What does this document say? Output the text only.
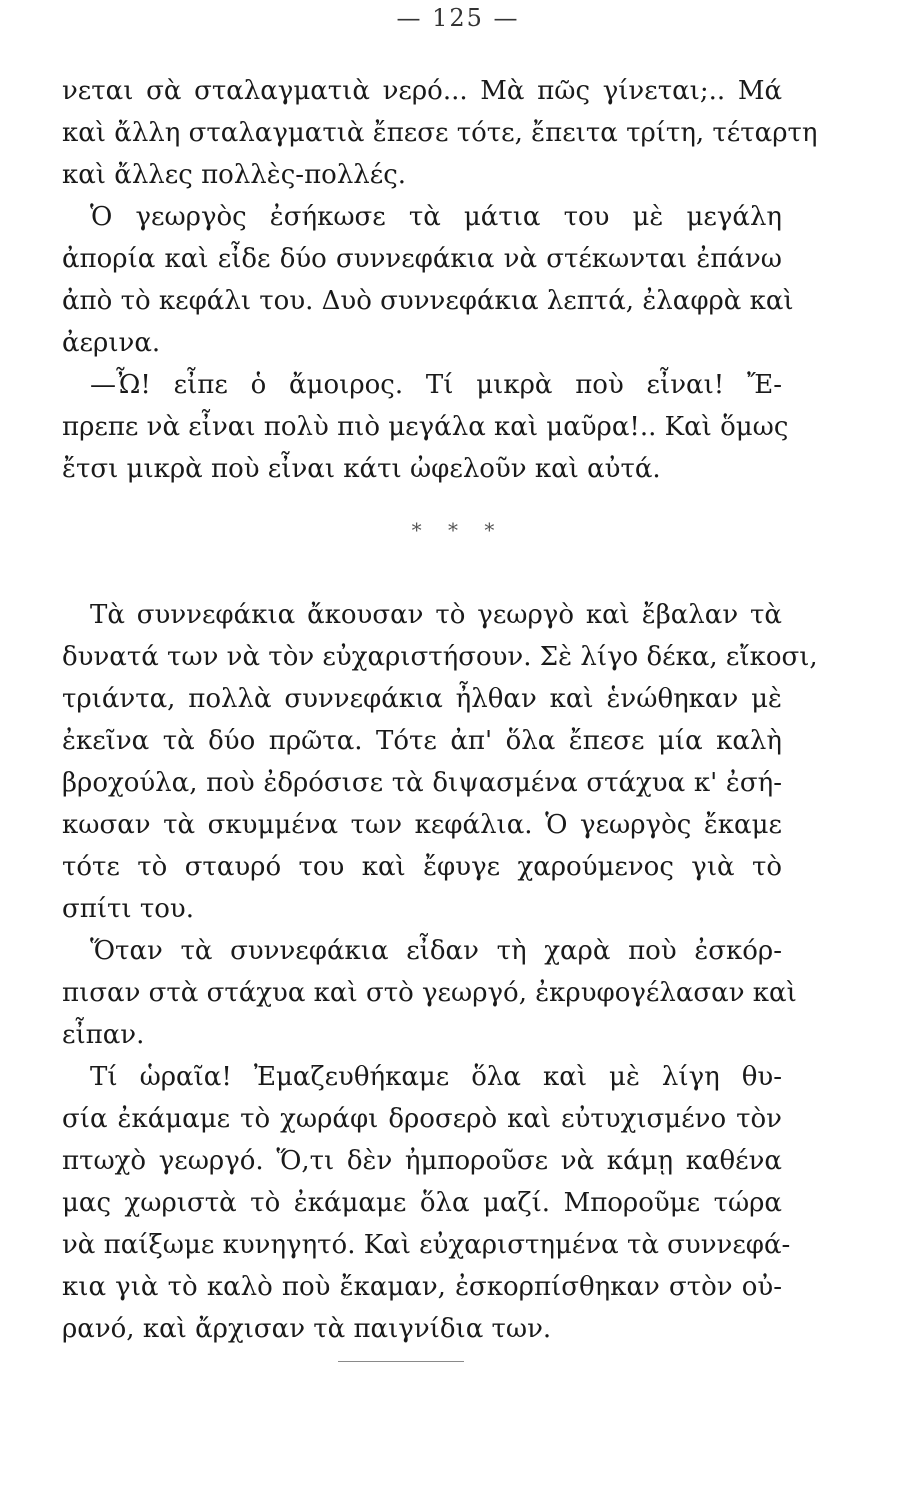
— 125 —
νεται σὰ σταλαγματιὰ νερό... Μὰ πῶς γίνεται;.. Μά
καὶ ἄλλη σταλαγματιὰ ἔπεσε τότε, ἔπειτα τρίτη, τέταρτη
καὶ ἄλλες πολλὲς-πολλές.
Ὁ γεωργὸς ἐσήκωσε τὰ μάτια του μὲ μεγάλη
ἀπορία καὶ εἶδε δύο συννεφάκια νὰ στέκωνται ἐπάνω
ἀπὸ τὸ κεφάλι του. Δυὸ συννεφάκια λεπτά, ἐλαφρὰ καὶ
ἀερινα.
—Ὦ! εἶπε ὁ ἄμοιρος. Τί μικρὰ ποὺ εἶναι! Ἔ-
πρεπε νὰ εἶναι πολὺ πιὸ μεγάλα καὶ μαῦρα!.. Καὶ ὅμως
ἔτσι μικρὰ ποὺ εἶναι κάτι ὠφελοῦν καὶ αὐτά.
* * *
Τὰ συννεφάκια ἄκουσαν τὸ γεωργὸ καὶ ἔβαλαν τὰ
δυνατά των νὰ τὸν εὐχαριστήσουν. Σὲ λίγο δέκα, εἴκοσι,
τριάντα, πολλὰ συννεφάκια ἦλθαν καὶ ἑνώθηκαν μὲ
ἐκεῖνα τὰ δύο πρῶτα. Τότε ἀπ' ὅλα ἔπεσε μία καλὴ
βροχούλα, ποὺ ἐδρόσισε τὰ διψασμένα στάχυα κ' ἐσή-
κωσαν τὰ σκυμμένα των κεφάλια. Ὁ γεωργὸς ἔκαμε
τότε τὸ σταυρό του καὶ ἔφυγε χαρούμενος γιὰ τὸ
σπίτι του.
Ὅταν τὰ συννεφάκια εἶδαν τὴ χαρὰ ποὺ ἐσκόρ-
πισαν στὰ στάχυα καὶ στὸ γεωργό, ἐκρυφογέλασαν καὶ
εἶπαν.
Τί ὡραῖα! Ἐμαζευθήκαμε ὅλα καὶ μὲ λίγη θυ-
σία ἐκάμαμε τὸ χωράφι δροσερὸ καὶ εὐτυχισμένο τὸν
πτωχὸ γεωργό. Ὅ,τι δὲν ἠμποροῦσε νὰ κάμῃ καθένα
μας χωριστὰ τὸ ἐκάμαμε ὅλα μαζί. Μποροῦμε τώρα
νὰ παίξωμε κυνηγητό. Καὶ εὐχαριστημένα τὰ συννεφά-
κια γιὰ τὸ καλὸ ποὺ ἔκαμαν, ἐσκορπίσθηκαν στὸν οὐ-
ρανό, καὶ ἄρχισαν τὰ παιγνίδια των.
